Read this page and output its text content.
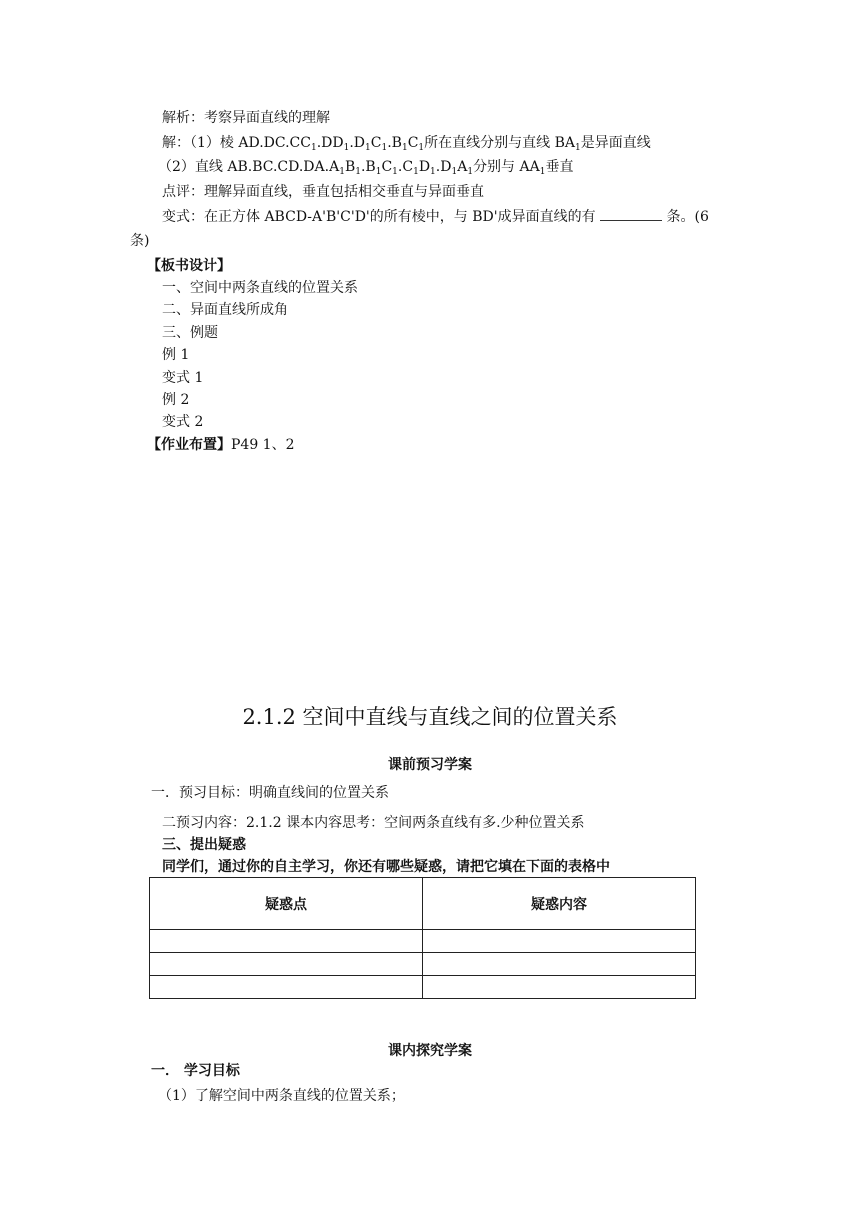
解析：考察异面直线的理解
解：（1）棱 $AD.DC.CC_1.DD_1.D_1C_1.B_1C_1$所在直线分别与直线 $BA_1$是异面直线
（2）直线 $AB.BC.CD.DA.A_1B_1.B_1C_1.C_1D_1.D_1A_1$分别与 $AA_1$垂直
点评：理解异面直线，垂直包括相交垂直与异面垂直
变式：在正方体 ABCD-A'B'C'D'的所有棱中，与 BD'成异面直线的有	条。(6
条)
【板书设计】
一、空间中两条直线的位置关系
二、异面直线所成角
三、例题
例 1
变式 1
例 2
变式 2
【作业布置】P49 1、2
2.1.2 空间中直线与直线之间的位置关系
课前预习学案
一．预习目标：明确直线间的位置关系
二预习内容：2.1.2 课本内容思考：空间两条直线有多.少种位置关系
三、提出疑惑
同学们，通过你的自主学习，你还有哪些疑惑，请把它填在下面的表格中
疑惑点	疑惑内容

课内探究学案
一． 学习目标
（1）了解空间中两条直线的位置关系；
